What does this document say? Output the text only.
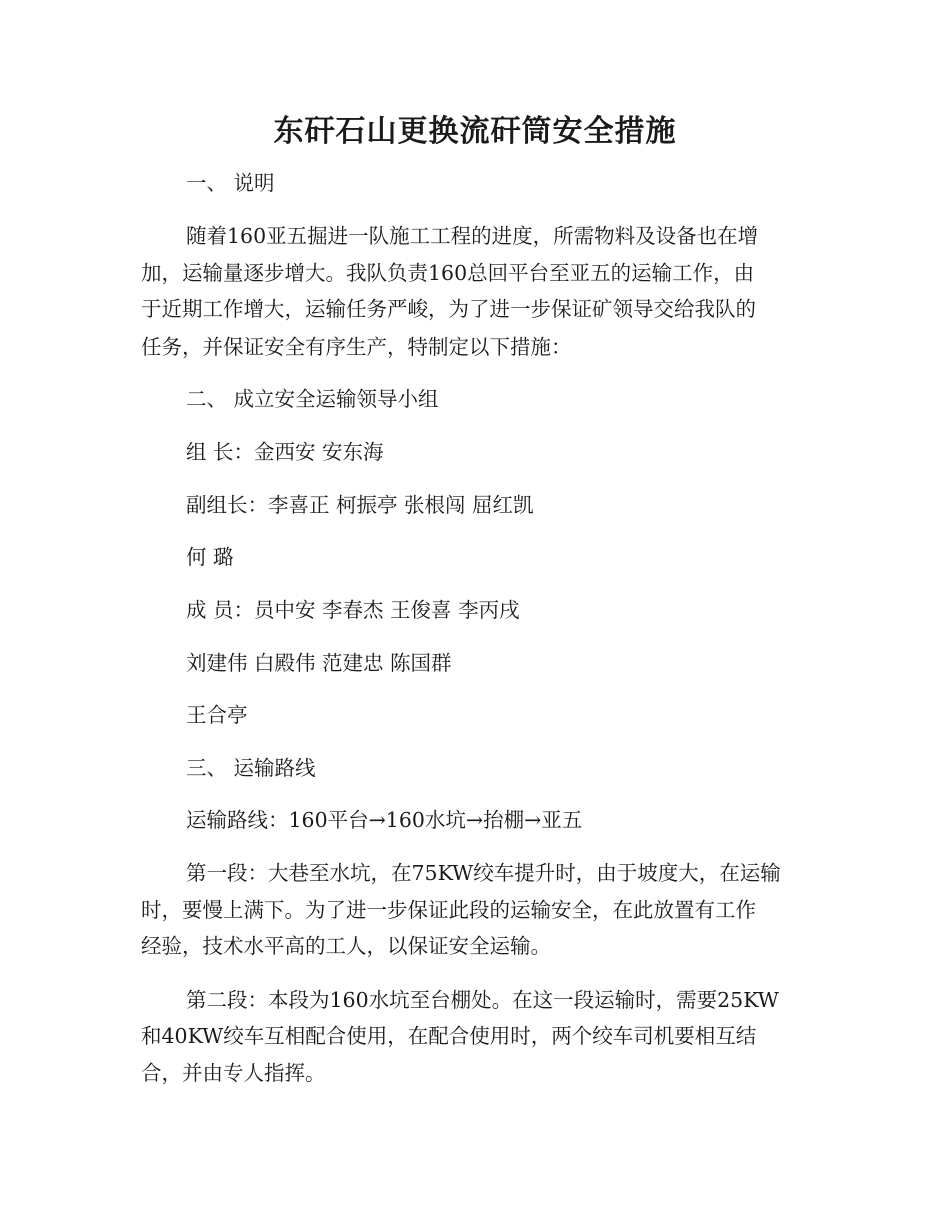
东矸石山更换流矸筒安全措施

一、 说明

随着160亚五掘进一队施工工程的进度，所需物料及设备也在增

加，运输量逐步增大。我队负责160总回平台至亚五的运输工作，由

于近期工作增大，运输任务严峻，为了进一步保证矿领导交给我队的

任务，并保证安全有序生产，特制定以下措施：

二、 成立安全运输领导小组

组 长：金西安 安东海

副组长：李喜正 柯振亭 张根闯 屈红凯

何 璐

成 员：员中安 李春杰 王俊喜 李丙戌

刘建伟 白殿伟 范建忠 陈国群

王合亭

三、 运输路线

运输路线：160平台→160水坑→抬棚→亚五

第一段：大巷至水坑，在75KW绞车提升时，由于坡度大，在运输

时，要慢上满下。为了进一步保证此段的运输安全，在此放置有工作

经验，技术水平高的工人，以保证安全运输。

第二段：本段为160水坑至台棚处。在这一段运输时，需要25KW

和40KW绞车互相配合使用，在配合使用时，两个绞车司机要相互结

合，并由专人指挥。
